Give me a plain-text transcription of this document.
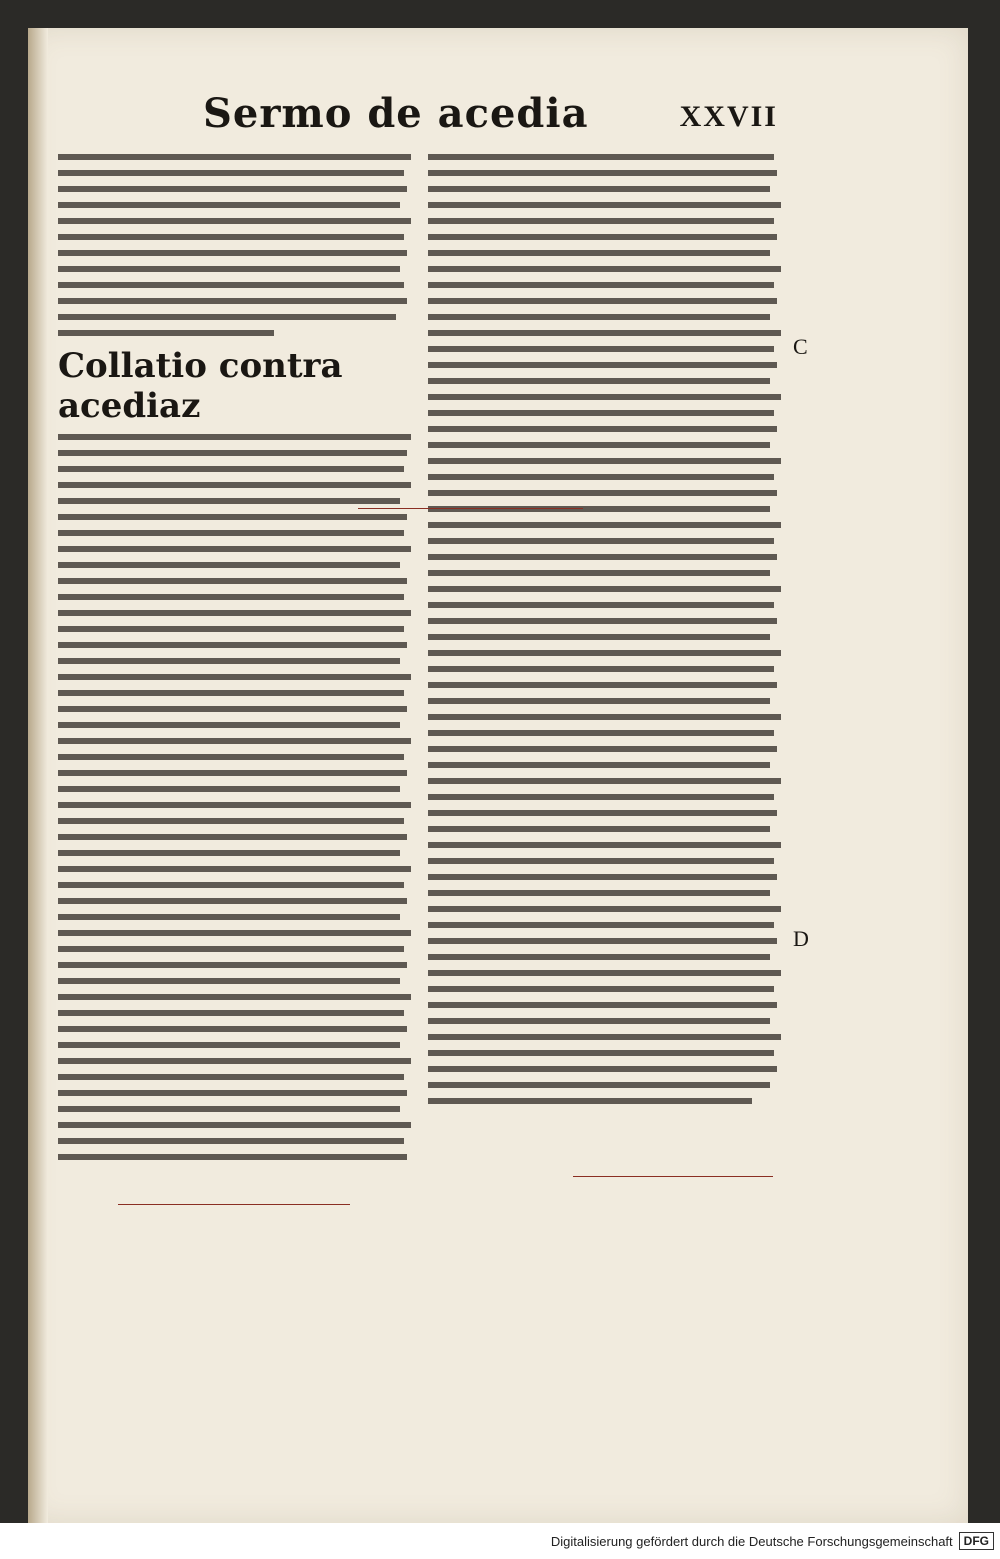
Sermo de acedia	XXVII
Collatio contra acediaz
C
D
Digitalisierung gefördert durch die Deutsche Forschungsgemeinschaft DFG
